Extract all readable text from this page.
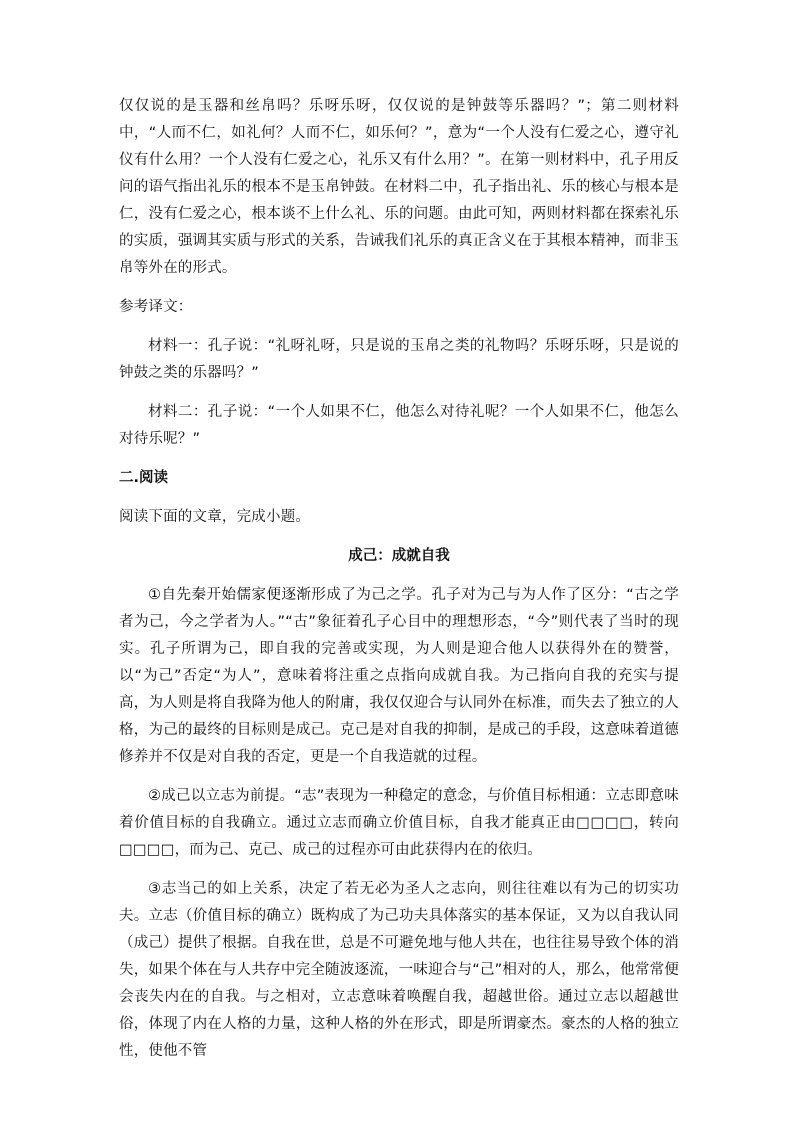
仅仅说的是玉器和丝帛吗？乐呀乐呀，仅仅说的是钟鼓等乐器吗？”；第二则材料中，“人而不仁，如礼何？人而不仁，如乐何？”，意为“一个人没有仁爱之心，遵守礼仪有什么用？一个人没有仁爱之心，礼乐又有什么用？”。在第一则材料中，孔子用反问的语气指出礼乐的根本不是玉帛钟鼓。在材料二中，孔子指出礼、乐的核心与根本是仁，没有仁爱之心，根本谈不上什么礼、乐的问题。由此可知，两则材料都在探索礼乐的实质，强调其实质与形式的关系，告诫我们礼乐的真正含义在于其根本精神，而非玉帛等外在的形式。

参考译文：

材料一：孔子说：“礼呀礼呀，只是说的玉帛之类的礼物吗？乐呀乐呀，只是说的钟鼓之类的乐器吗？”

材料二：孔子说：“一个人如果不仁，他怎么对待礼呢？一个人如果不仁，他怎么对待乐呢？”

二.阅读

阅读下面的文章，完成小题。

成己：成就自我

①自先秦开始儒家便逐渐形成了为己之学。孔子对为己与为人作了区分：“古之学者为己，今之学者为人。”“古”象征着孔子心目中的理想形态，“今”则代表了当时的现实。孔子所谓为己，即自我的完善或实现，为人则是迎合他人以获得外在的赞誉，以“为己”否定“为人”，意味着将注重之点指向成就自我。为己指向自我的充实与提高，为人则是将自我降为他人的附庸，我仅仅迎合与认同外在标准，而失去了独立的人格，为己的最终的目标则是成己。克己是对自我的抑制，是成己的手段，这意味着道德修养并不仅是对自我的否定，更是一个自我造就的过程。

②成己以立志为前提。“志”表现为一种稳定的意念，与价值目标相通：立志即意味着价值目标的自我确立。通过立志而确立价值目标，自我才能真正由□□□□，转向□□□□，而为己、克己、成己的过程亦可由此获得内在的依归。

③志当己的如上关系，决定了若无必为圣人之志向，则往往难以有为己的切实功夫。立志（价值目标的确立）既构成了为己功夫具体落实的基本保证，又为以自我认同（成己）提供了根据。自我在世，总是不可避免地与他人共在，也往往易导致个体的消失，如果个体在与人共存中完全随波逐流，一味迎合与“己”相对的人，那么，他常常便会丧失内在的自我。与之相对，立志意味着唤醒自我，超越世俗。通过立志以超越世俗，体现了内在人格的力量，这种人格的外在形式，即是所谓豪杰。豪杰的人格的独立性，使他不管
